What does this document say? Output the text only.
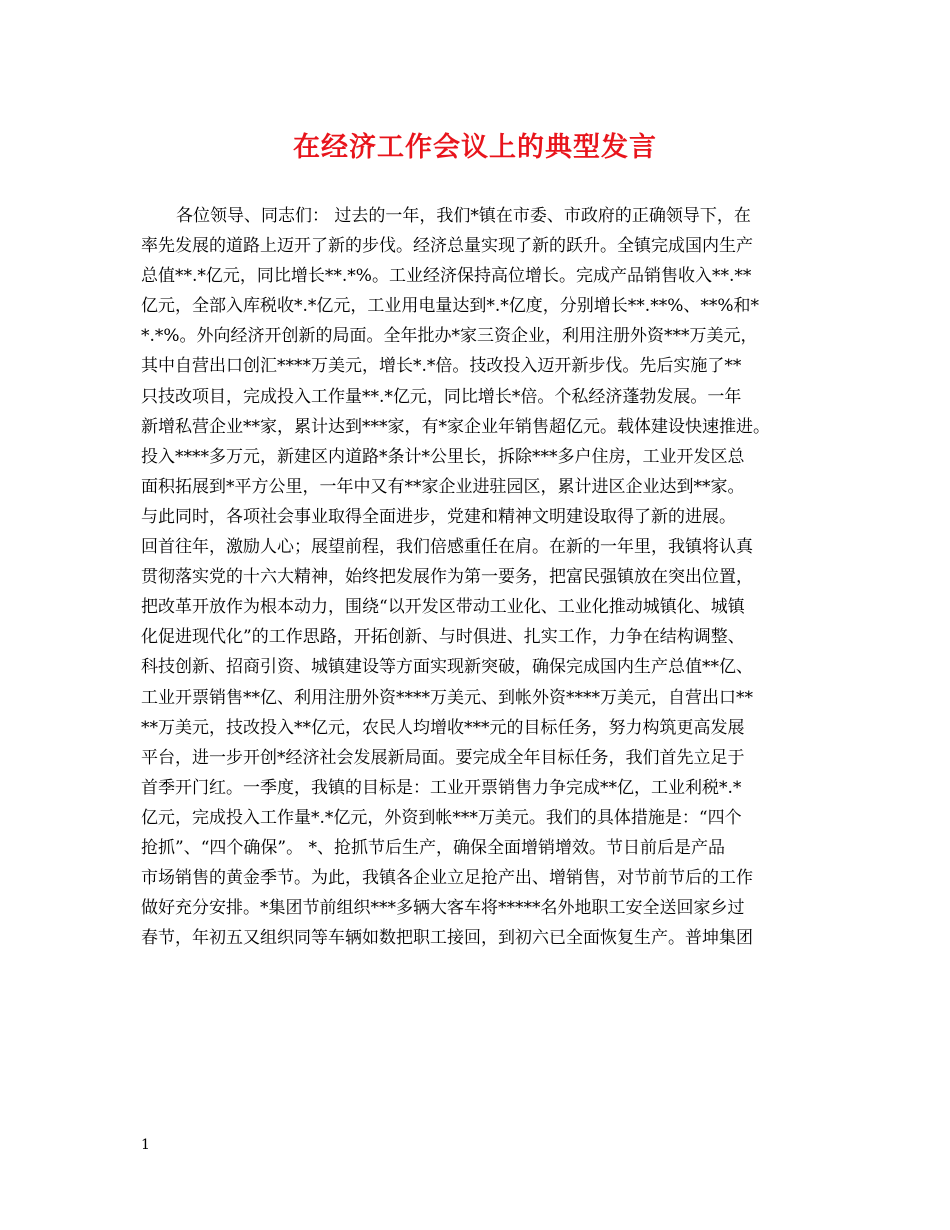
在经济工作会议上的典型发言
各位领导、同志们： 过去的一年，我们*镇在市委、市政府的正确领导下，在
率先发展的道路上迈开了新的步伐。经济总量实现了新的跃升。全镇完成国内生产
总值**.*亿元，同比增长**.*%。工业经济保持高位增长。完成产品销售收入**.**
亿元，全部入库税收*.*亿元，工业用电量达到*.*亿度，分别增长**.**%、**%和*
*.*%。外向经济开创新的局面。全年批办*家三资企业，利用注册外资***万美元，
其中自营出口创汇****万美元，增长*.*倍。技改投入迈开新步伐。先后实施了**
只技改项目，完成投入工作量**.*亿元，同比增长*倍。个私经济蓬勃发展。一年
新增私营企业**家，累计达到***家，有*家企业年销售超亿元。载体建设快速推进。
投入****多万元，新建区内道路*条计*公里长，拆除***多户住房，工业开发区总
面积拓展到*平方公里，一年中又有**家企业进驻园区，累计进区企业达到**家。
与此同时，各项社会事业取得全面进步，党建和精神文明建设取得了新的进展。
回首往年，激励人心；展望前程，我们倍感重任在肩。在新的一年里，我镇将认真
贯彻落实党的十六大精神，始终把发展作为第一要务，把富民强镇放在突出位置，
把改革开放作为根本动力，围绕“以开发区带动工业化、工业化推动城镇化、城镇
化促进现代化”的工作思路，开拓创新、与时俱进、扎实工作，力争在结构调整、
科技创新、招商引资、城镇建设等方面实现新突破，确保完成国内生产总值**亿、
工业开票销售**亿、利用注册外资****万美元、到帐外资****万美元，自营出口**
**万美元，技改投入**亿元，农民人均增收***元的目标任务，努力构筑更高发展
平台，进一步开创*经济社会发展新局面。要完成全年目标任务，我们首先立足于
首季开门红。一季度，我镇的目标是：工业开票销售力争完成**亿，工业利税*.*
亿元，完成投入工作量*.*亿元，外资到帐***万美元。我们的具体措施是：“四个
抢抓”、“四个确保”。 *、抢抓节后生产，确保全面增销增效。节日前后是产品
市场销售的黄金季节。为此，我镇各企业立足抢产出、增销售，对节前节后的工作
做好充分安排。*集团节前组织***多辆大客车将*****名外地职工安全送回家乡过
春节，年初五又组织同等车辆如数把职工接回，到初六已全面恢复生产。普坤集团
1
